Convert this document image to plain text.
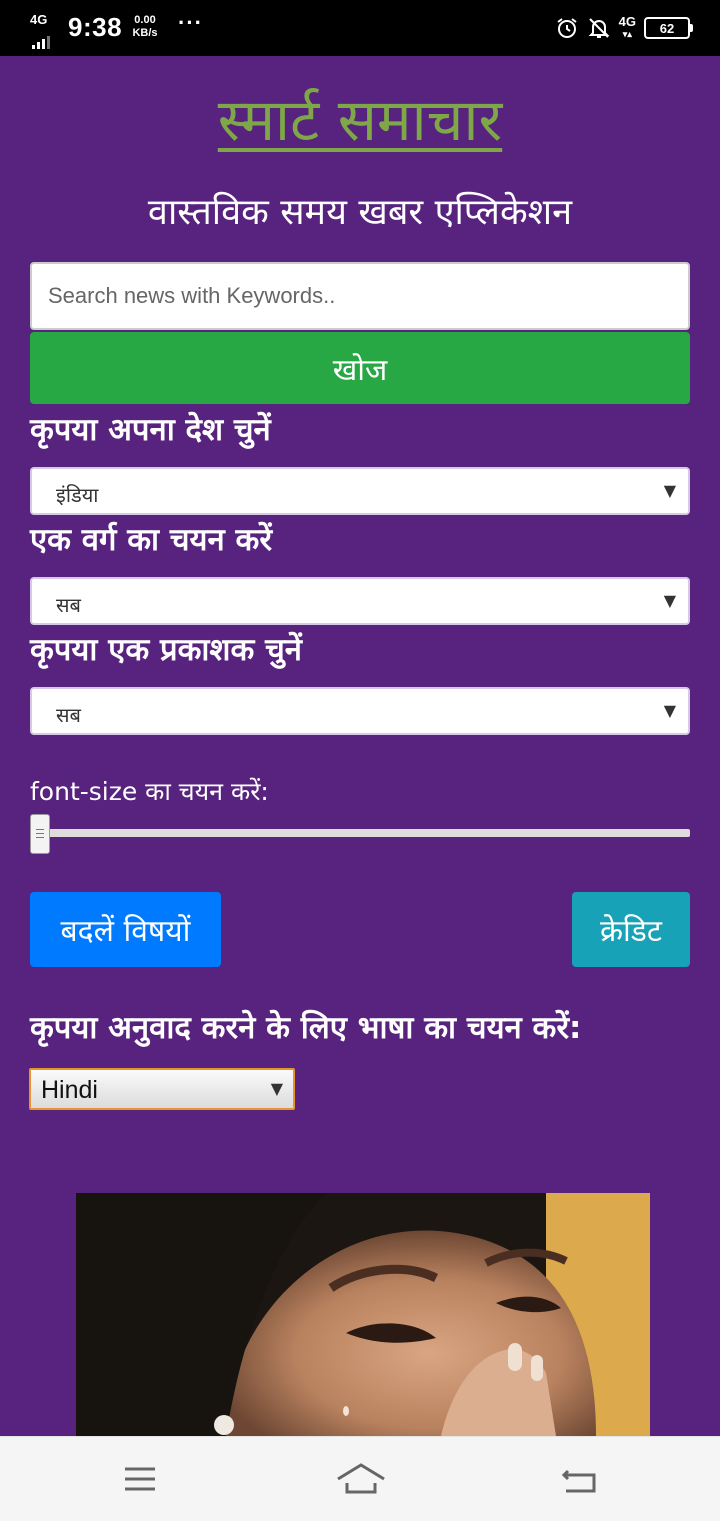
4G 9:38	0.00
KB/s ···	4G
▾▴	62
स्मार्ट समाचार
वास्तविक समय खबर एप्लिकेशन
Search news with Keywords..
खोज
कृपया अपना देश चुनें
इंडिया	▼
एक वर्ग का चयन करें
सब	▼
कृपया एक प्रकाशक चुनें
सब	▼
font-size का चयन करें:
बदलें विषयों	क्रेडिट
कृपया अनुवाद करने के लिए भाषा का चयन करें:
Hindi	▼
